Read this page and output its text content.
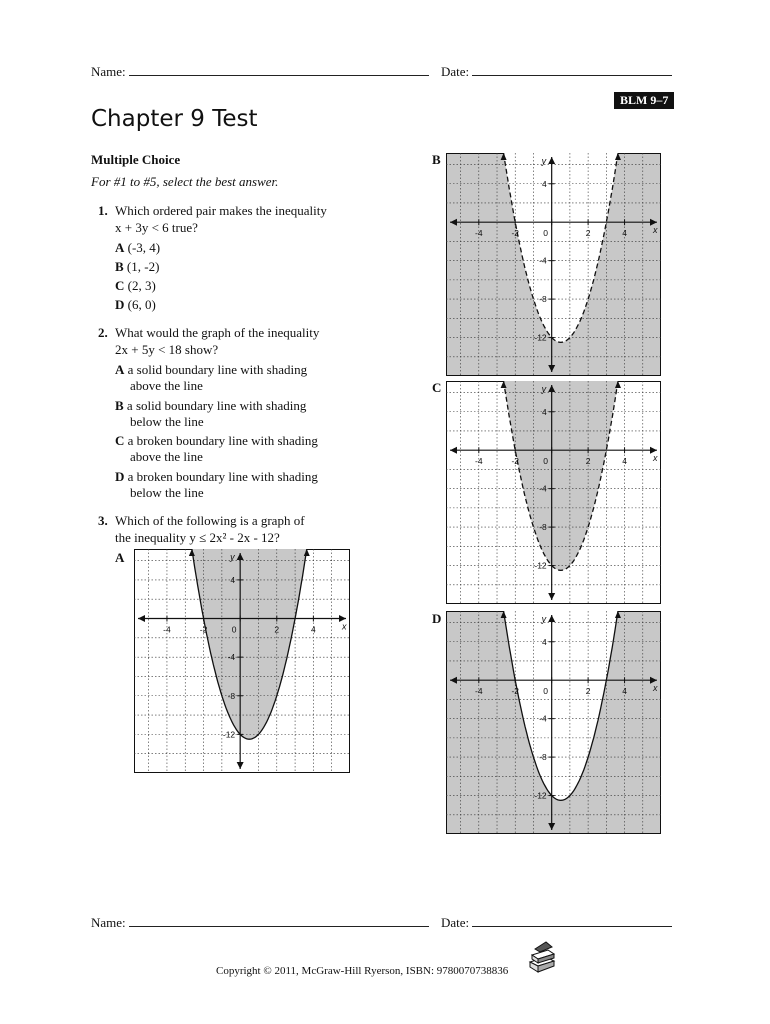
Name:	Date:
BLM 9–7
Chapter 9 Test
Multiple Choice
For #1 to #5, select the best answer.
1. Which ordered pair makes the inequality
x + 3y < 6 true?
A (-3, 4)
B (1, -2)
C (2, 3)
D (6, 0)
2. What would the graph of the inequality
2x + 5y < 18 show?
A a solid boundary line with shading
above the line
B a solid boundary line with shading
below the line
C a broken boundary line with shading
above the line
D a broken boundary line with shading
below the line
3. Which of the following is a graph of
the inequality y ≤ 2x² - 2x - 12?
A
B
C
D
-4	-2	0	2	4
4
-4
-8
-12
x
y
-4	-2	0	2	4
4
-4
-8
-12
x
y
-4	-2	0	2	4
4
-4
-8
-12
x
y
-4	-2	0	2	4
4
-4
-8
-12
x
y
Name:	Date:
Copyright © 2011, McGraw-Hill Ryerson, ISBN: 9780070738836
